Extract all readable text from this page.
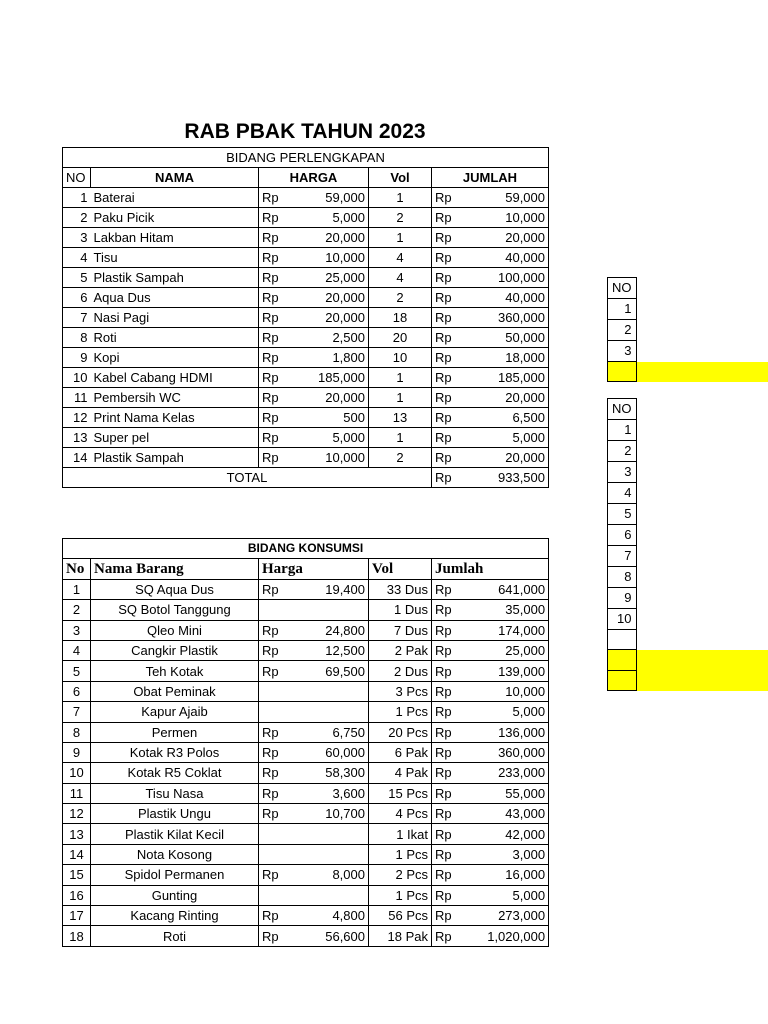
RAB PBAK TAHUN 2023
BIDANG PERLENGKAPAN						
NO	NAMA	HARGA		Vol	JUMLAH	
1	Baterai	Rp	59,000	1	Rp	59,000
2	Paku Picik	Rp	5,000	2	Rp	10,000
3	Lakban Hitam	Rp	20,000	1	Rp	20,000
4	Tisu	Rp	10,000	4	Rp	40,000
5	Plastik Sampah	Rp	25,000	4	Rp	100,000
6	Aqua Dus	Rp	20,000	2	Rp	40,000
7	Nasi Pagi	Rp	20,000	18	Rp	360,000
8	Roti	Rp	2,500	20	Rp	50,000
9	Kopi	Rp	1,800	10	Rp	18,000
10	Kabel Cabang HDMI	Rp	185,000	1	Rp	185,000
11	Pembersih WC	Rp	20,000	1	Rp	20,000
12	Print Nama Kelas	Rp	500	13	Rp	6,500
13	Super pel	Rp	5,000	1	Rp	5,000
14	Plastik Sampah	Rp	10,000	2	Rp	20,000
TOTAL					Rp	933,500
BIDANG KONSUMSI						
No	Nama Barang	Harga		Vol	Jumlah	
1	SQ Aqua Dus	Rp	19,400	33 Dus	Rp	641,000
2	SQ Botol Tanggung			1 Dus	Rp	35,000
3	Qleo Mini	Rp	24,800	7 Dus	Rp	174,000
4	Cangkir Plastik	Rp	12,500	2 Pak	Rp	25,000
5	Teh Kotak	Rp	69,500	2 Dus	Rp	139,000
6	Obat Peminak			3 Pcs	Rp	10,000
7	Kapur Ajaib			1 Pcs	Rp	5,000
8	Permen	Rp	6,750	20 Pcs	Rp	136,000
9	Kotak R3 Polos	Rp	60,000	6 Pak	Rp	360,000
10	Kotak R5 Coklat	Rp	58,300	4 Pak	Rp	233,000
11	Tisu Nasa	Rp	3,600	15 Pcs	Rp	55,000
12	Plastik Ungu	Rp	10,700	4 Pcs	Rp	43,000
13	Plastik Kilat Kecil			1 Ikat	Rp	42,000
14	Nota Kosong			1 Pcs	Rp	3,000
15	Spidol Permanen	Rp	8,000	2 Pcs	Rp	16,000
16	Gunting			1 Pcs	Rp	5,000
17	Kacang Rinting	Rp	4,800	56 Pcs	Rp	273,000
18	Roti	Rp	56,600	18 Pak	Rp	1,020,000
NO	
1	
2	
3	

NO	
1	
2	
3	
4	
5	
6	
7	
8	
9	
10	
